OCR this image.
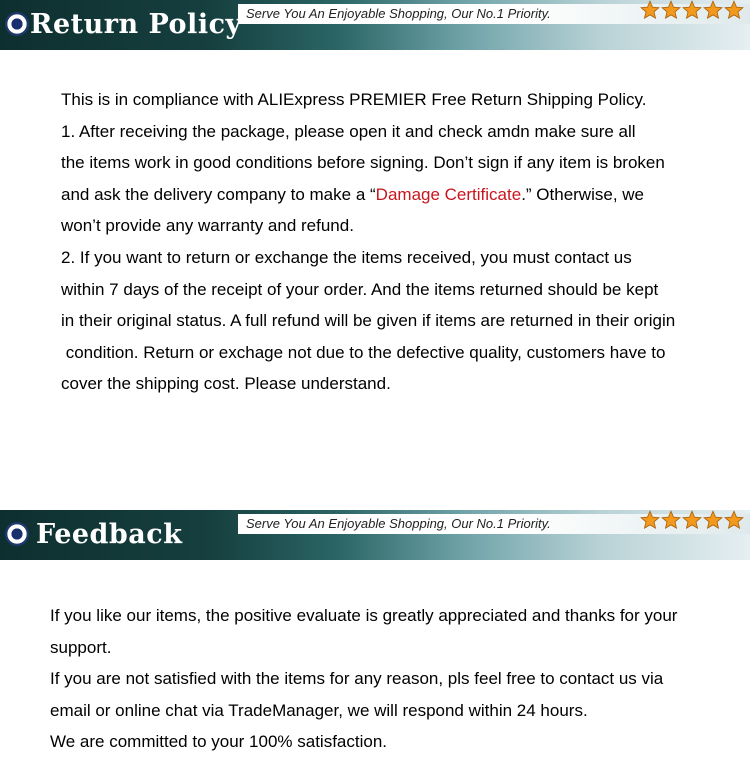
Serve You An Enjoyable Shopping, Our No.1 Priority.
Return Policy

This is in compliance with ALIExpress PREMIER Free Return Shipping Policy.

1. After receiving the package, please open it and check amdn make sure all

the items work in good conditions before signing. Don’t sign if any item is broken

and ask the delivery company to make a “Damage Certificate.” Otherwise, we

won’t provide any warranty and refund.

2. If you want to return or exchange the items received, you must contact us

within 7 days of the receipt of your order. And the items returned should be kept

in their original status. A full refund will be given if items are returned in their origin

condition. Return or exchage not due to the defective quality, customers have to

cover the shipping cost. Please understand.

Serve You An Enjoyable Shopping, Our No.1 Priority.
Feedback

If you like our items, the positive evaluate is greatly appreciated and thanks for your

support.

If you are not satisfied with the items for any reason, pls feel free to contact us via

email or online chat via TradeManager, we will respond within 24 hours.

We are committed to your 100% satisfaction.
